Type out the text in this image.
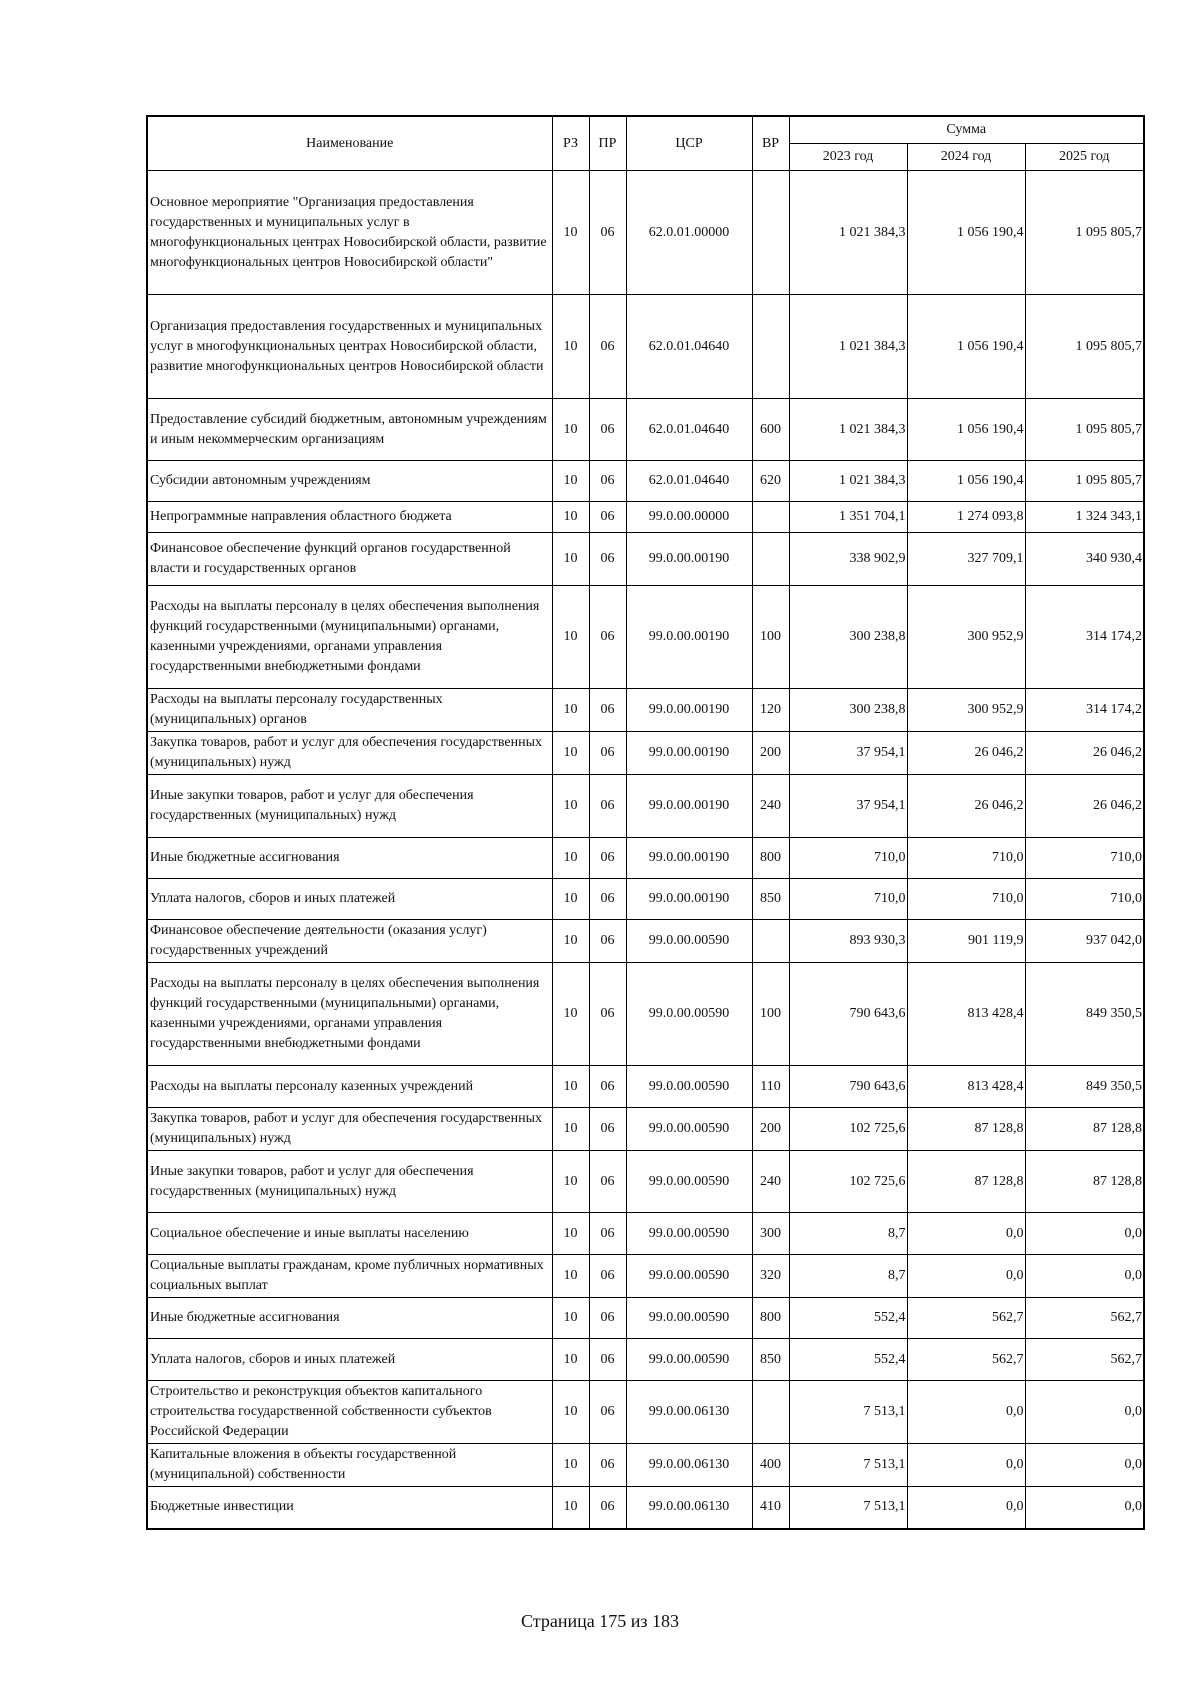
Наименование	РЗ	ПР	ЦСР	ВР	Сумма		
					2023 год	2024 год	2025 год
Основное мероприятие "Организация предоставления государственных и муниципальных услуг в многофункциональных центрах Новосибирской области, развитие многофункциональных центров Новосибирской области"	10	06	62.0.01.00000		1 021 384,3	1 056 190,4	1 095 805,7
Организация предоставления государственных и муниципальных услуг в многофункциональных центрах Новосибирской области, развитие многофункциональных центров Новосибирской области	10	06	62.0.01.04640		1 021 384,3	1 056 190,4	1 095 805,7
Предоставление субсидий бюджетным, автономным учреждениям и иным некоммерческим организациям	10	06	62.0.01.04640	600	1 021 384,3	1 056 190,4	1 095 805,7
Субсидии автономным учреждениям	10	06	62.0.01.04640	620	1 021 384,3	1 056 190,4	1 095 805,7
Непрограммные направления областного бюджета	10	06	99.0.00.00000		1 351 704,1	1 274 093,8	1 324 343,1
Финансовое обеспечение функций органов государственной власти и государственных органов	10	06	99.0.00.00190		338 902,9	327 709,1	340 930,4
Расходы на выплаты персоналу в целях обеспечения выполнения функций государственными (муниципальными) органами, казенными учреждениями, органами управления государственными внебюджетными фондами	10	06	99.0.00.00190	100	300 238,8	300 952,9	314 174,2
Расходы на выплаты персоналу государственных (муниципальных) органов	10	06	99.0.00.00190	120	300 238,8	300 952,9	314 174,2
Закупка товаров, работ и услуг для обеспечения государственных (муниципальных) нужд	10	06	99.0.00.00190	200	37 954,1	26 046,2	26 046,2
Иные закупки товаров, работ и услуг для обеспечения государственных (муниципальных) нужд	10	06	99.0.00.00190	240	37 954,1	26 046,2	26 046,2
Иные бюджетные ассигнования	10	06	99.0.00.00190	800	710,0	710,0	710,0
Уплата налогов, сборов и иных платежей	10	06	99.0.00.00190	850	710,0	710,0	710,0
Финансовое обеспечение деятельности (оказания услуг) государственных учреждений	10	06	99.0.00.00590		893 930,3	901 119,9	937 042,0
Расходы на выплаты персоналу в целях обеспечения выполнения функций государственными (муниципальными) органами, казенными учреждениями, органами управления государственными внебюджетными фондами	10	06	99.0.00.00590	100	790 643,6	813 428,4	849 350,5
Расходы на выплаты персоналу казенных учреждений	10	06	99.0.00.00590	110	790 643,6	813 428,4	849 350,5
Закупка товаров, работ и услуг для обеспечения государственных (муниципальных) нужд	10	06	99.0.00.00590	200	102 725,6	87 128,8	87 128,8
Иные закупки товаров, работ и услуг для обеспечения государственных (муниципальных) нужд	10	06	99.0.00.00590	240	102 725,6	87 128,8	87 128,8
Социальное обеспечение и иные выплаты населению	10	06	99.0.00.00590	300	8,7	0,0	0,0
Социальные выплаты гражданам, кроме публичных нормативных социальных выплат	10	06	99.0.00.00590	320	8,7	0,0	0,0
Иные бюджетные ассигнования	10	06	99.0.00.00590	800	552,4	562,7	562,7
Уплата налогов, сборов и иных платежей	10	06	99.0.00.00590	850	552,4	562,7	562,7
Строительство и реконструкция объектов капитального строительства государственной собственности субъектов Российской Федерации	10	06	99.0.00.06130		7 513,1	0,0	0,0
Капитальные вложения в объекты государственной (муниципальной) собственности	10	06	99.0.00.06130	400	7 513,1	0,0	0,0
Бюджетные инвестиции	10	06	99.0.00.06130	410	7 513,1	0,0	0,0
Страница 175 из 183
